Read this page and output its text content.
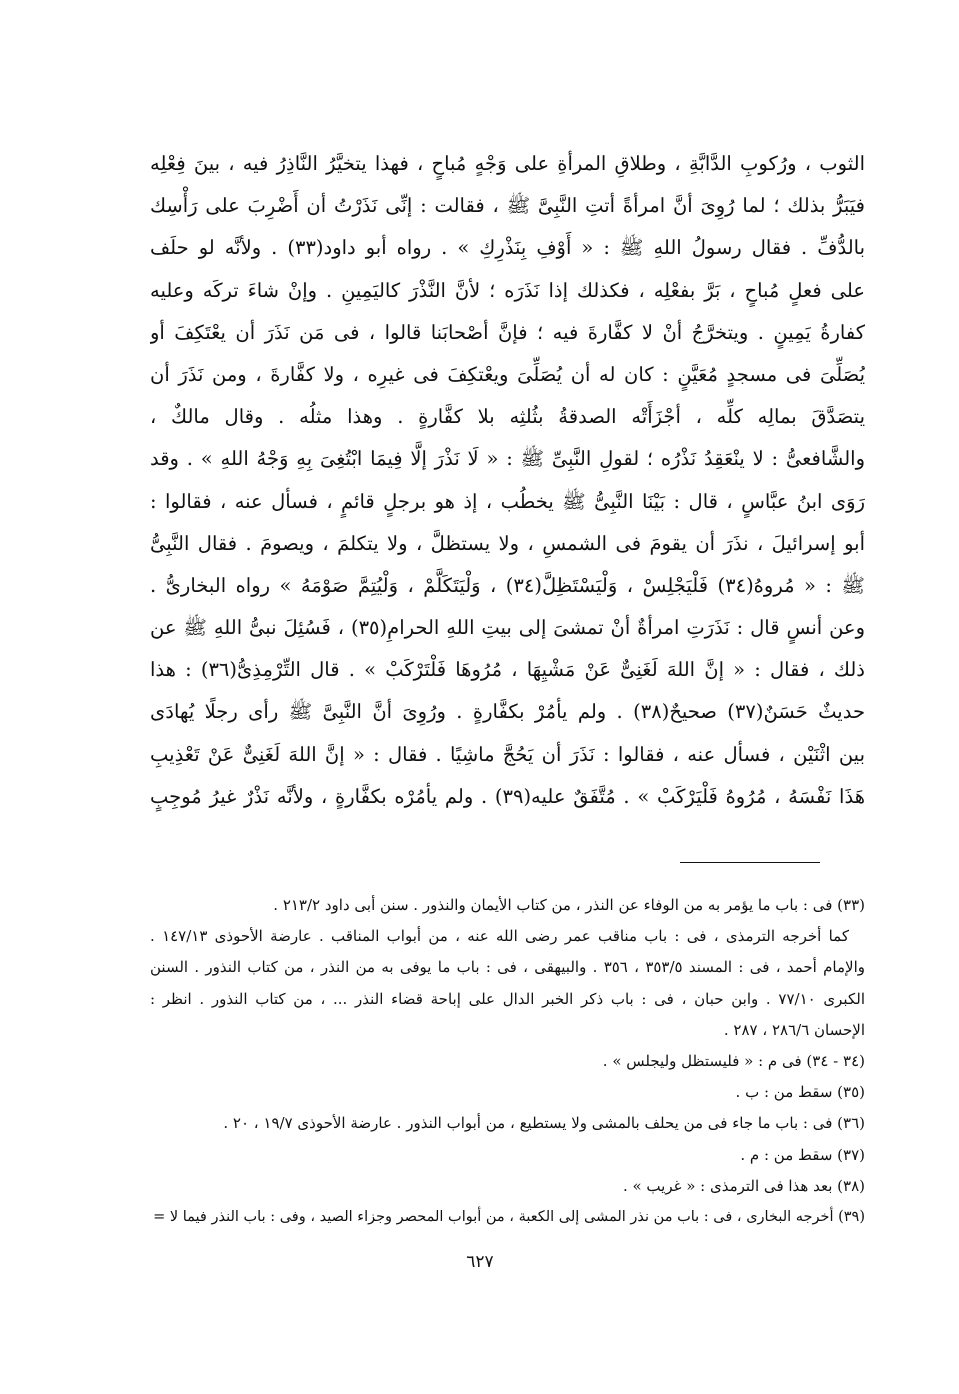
الثوب ، ورُكوبِ الدَّابَّةِ ، وطلاقِ المرأةِ على وَجْهٍ مُباحٍ ، فهذا يتخيَّرُ النَّاذِرُ فيه ، بينَ فِعْلِه
فيَبَرُّ بذلك ؛ لما رُوِىَ أنَّ امرأةً أتتِ النَّبِىَّ ﷺ ، فقالت : إنِّى نَذَرْتُ أن أَضْرِبَ على رَأْسِك
بالدُّفِّ . فقال رسولُ اللهِ ﷺ : « أَوْفِ بِنَذْرِكِ » . رواه أبو داود(٣٣) . ولأنَّه لو حلَف
على فعلٍ مُباحٍ ، بَرَّ بفعْلِه ، فكذلك إذا نَذَرَه ؛ لأنَّ النَّذْرَ كاليَمِينِ . وإنْ شاءَ تركَه وعليه
كفارةُ يَمِينٍ . ويتخرَّجُ أنْ لا كفَّارةَ فيه ؛ فإنَّ أصْحابَنا قالوا ، فى مَن نَذَرَ أن يعْتَكِفَ أو
يُصَلِّىَ فى مسجدٍ مُعَيَّنٍ : كان له أن يُصَلِّىَ ويعْتكِفَ فى غيرِه ، ولا كفَّارةَ ، ومن نَذَرَ أن
يتصَدَّقَ بمالِه كلِّه ، أجْزَأَتْه الصدقةُ بثُلثِه بلا كفَّارةٍ . وهذا مثلُه . وقال مالكٌ ،
والشَّافعىُّ : لا ينْعَقِدُ نَذْرُه ؛ لقولِ النَّبِىِّ ﷺ : « لَا نَذْرَ إلَّا فِيمَا ابْتُغِىَ بِهِ وَجْهُ اللهِ » . وقد
رَوَى ابنُ عبَّاسٍ ، قال : بَيْنَا النَّبِىُّ ﷺ يخطُب ، إذ هو برجلٍ قائمٍ ، فسأل عنه ، فقالوا :
أبو إسرائيلَ ، نذَرَ أن يقومَ فى الشمسِ ، ولا يستظلَّ ، ولا يتكلمَ ، ويصومَ . فقال النَّبِىُّ
ﷺ : « مُروهُ(٣٤) فَلْيَجْلِسْ ، وَلْيَسْتَظِلَّ(٣٤) ، وَلْيَتَكَلَّمْ ، وَلْيُتِمَّ صَوْمَهُ » رواه البخارىُّ .
وعن أنسٍ قال : نَذَرَتِ امرأةٌ أنْ تمشىَ إلى بيتِ اللهِ الحرامِ(٣٥) ، فَسُئِلَ نبىُّ اللهِ ﷺ عن
ذلك ، فقال : « إنَّ اللهَ لَغَنِىٌّ عَنْ مَشْيِهَا ، مُرُوهَا فَلْتَرْكَبْ » . قال التِّرْمِذِىُّ(٣٦) : هذا
حديثٌ حَسَنٌ(٣٧) صحيحٌ(٣٨) . ولم يأمُرْ بكفَّارةٍ . ورُوِىَ أنَّ النَّبِىَّ ﷺ رأى رجلًا يُهادَى
بين اثْنَيْن ، فسأل عنه ، فقالوا : نَذَرَ أن يَحُجَّ ماشِيًا . فقال : « إنَّ اللهَ لَغَنِىٌّ عَنْ تَعْذِيبِ
هَذَا نَفْسَهُ ، مُرُوهُ فَلْيَرْكَبْ » . مُتَّفَقٌ عليه(٣٩) . ولم يأمُرْه بكفَّارةٍ ، ولأنَّه نَذْرٌ غيرُ مُوجِبٍ
(٣٣) فى : باب ما يؤمر به من الوفاء عن النذر ، من كتاب الأيمان والنذور . سنن أبى داود ٢١٣/٢ .
كما أخرجه الترمذى ، فى : باب مناقب عمر رضى الله عنه ، من أبواب المناقب . عارضة الأحوذى ١٤٧/١٣ .
والإمام أحمد ، فى : المسند ٣٥٣/٥ ، ٣٥٦ . والبيهقى ، فى : باب ما يوفى به من النذر ، من كتاب النذور . السنن
الكبرى ٧٧/١٠ . وابن حبان ، فى : باب ذكر الخبر الدال على إباحة قضاء النذر ... ، من كتاب النذور . انظر :
الإحسان ٢٨٦/٦ ، ٢٨٧ .
(٣٤ - ٣٤) فى م : « فليستظل وليجلس » .
(٣٥) سقط من : ب .
(٣٦) فى : باب ما جاء فى من يحلف بالمشى ولا يستطيع ، من أبواب النذور . عارضة الأحوذى ١٩/٧ ، ٢٠ .
(٣٧) سقط من : م .
(٣٨) بعد هذا فى الترمذى : « غريب » .
(٣٩) أخرجه البخارى ، فى : باب من نذر المشى إلى الكعبة ، من أبواب المحصر وجزاء الصيد ، وفى : باب النذر فيما لا =
٦٢٧
